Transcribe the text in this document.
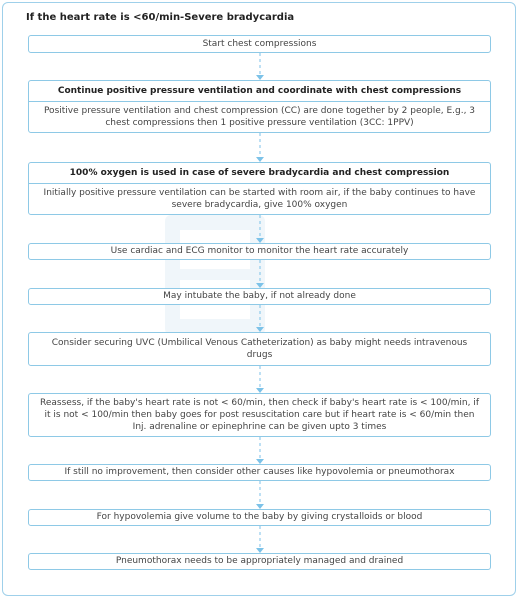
If the heart rate is <60/min-Severe bradycardia
Start chest compressions
Continue positive pressure ventilation and coordinate with chest compressions
Positive pressure ventilation and chest compression (CC) are done together by 2 people, E.g., 3 chest compressions then 1 positive pressure ventilation (3CC: 1PPV)
100% oxygen is used in case of severe bradycardia and chest compression
Initially positive pressure ventilation can be started with room air, if the baby continues to have severe bradycardia, give 100% oxygen
Use cardiac and ECG monitor to monitor the heart rate accurately
May intubate the baby, if not already done
Consider securing UVC (Umbilical Venous Catheterization) as baby might needs intravenous drugs
Reassess, if the baby's heart rate is not < 60/min, then check if baby's heart rate is < 100/min, if it is not < 100/min then baby goes for post resuscitation care but if heart rate is < 60/min then Inj. adrenaline or epinephrine can be given upto 3 times
If still no improvement, then consider other causes like hypovolemia or pneumothorax
For hypovolemia give volume to the baby by giving crystalloids or blood
Pneumothorax needs to be appropriately managed and drained
